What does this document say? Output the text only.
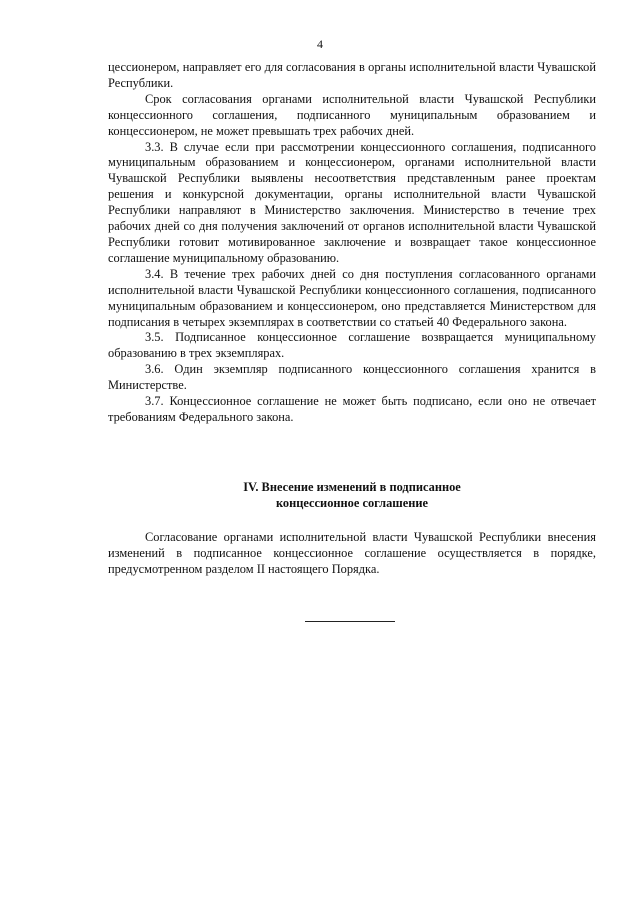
4

цессионером, направляет его для согласования в органы исполнительной власти Чувашской Республики.

Срок согласования органами исполнительной власти Чувашской Республики концессионного соглашения, подписанного муниципальным образованием и концессионером, не может превышать трех рабочих дней.

3.3. В случае если при рассмотрении концессионного соглашения, подписанного муниципальным образованием и концессионером, органами исполнительной власти Чувашской Республики выявлены несоответствия представленным ранее проектам решения и конкурсной документации, органы исполнительной власти Чувашской Республики направляют в Министерство заключения. Министерство в течение трех рабочих дней со дня получения заключений от органов исполнительной власти Чувашской Республики готовит мотивированное заключение и возвращает такое концессионное соглашение муниципальному образованию.

3.4. В течение трех рабочих дней со дня поступления согласованного органами исполнительной власти Чувашской Республики концессионного соглашения, подписанного муниципальным образованием и концессионером, оно представляется Министерством для подписания в четырех экземплярах в соответствии со статьей 40 Федерального закона.

3.5. Подписанное концессионное соглашение возвращается муниципальному образованию в трех экземплярах.

3.6. Один экземпляр подписанного концессионного соглашения хранится в Министерстве.

3.7. Концессионное соглашение не может быть подписано, если оно не отвечает требованиям Федерального закона.

IV. Внесение изменений в подписанное
концессионное соглашение

Согласование органами исполнительной власти Чувашской Республики внесения изменений в подписанное концессионное соглашение осуществляется в порядке, предусмотренном разделом II настоящего Порядка.
